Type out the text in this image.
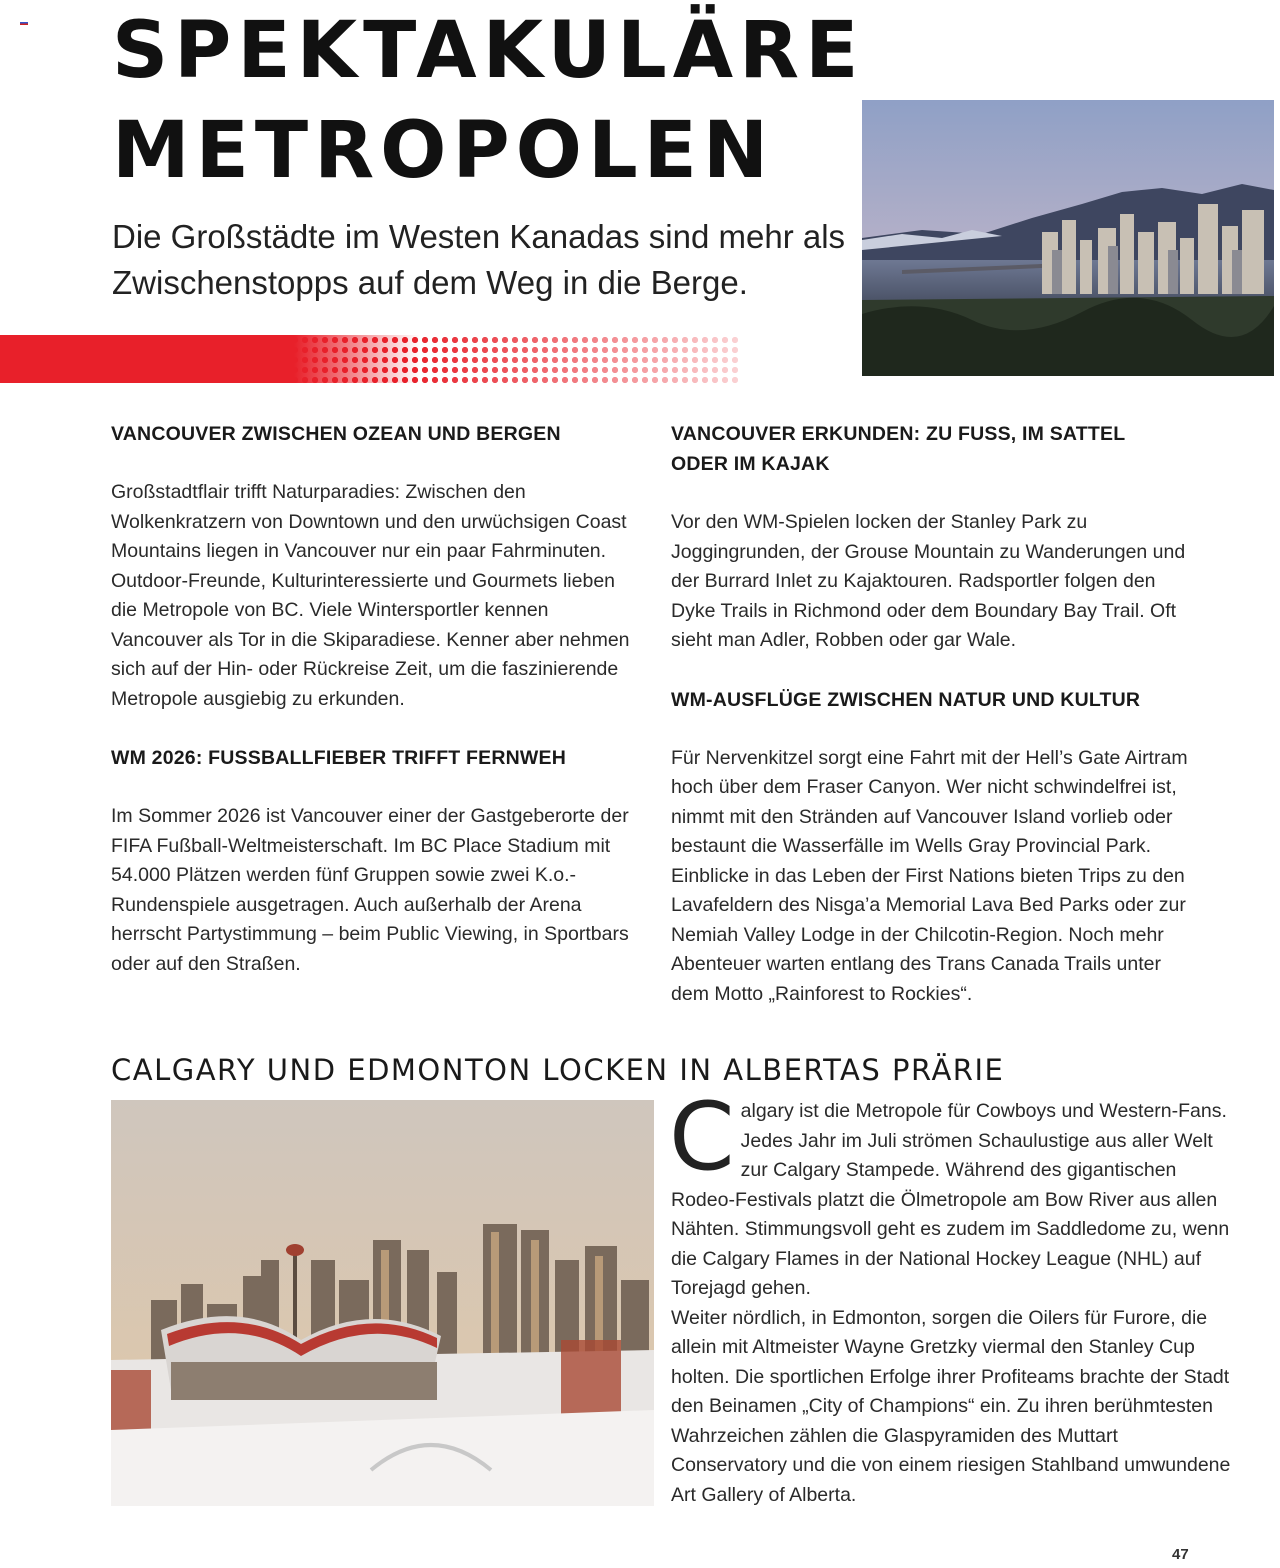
SPEKTAKULÄRE
METROPOLEN

Die Großstädte im Westen Kanadas sind mehr als Zwischenstopps auf dem Weg in die Berge.

VANCOUVER ZWISCHEN OZEAN UND BERGEN

Großstadtflair trifft Naturparadies: Zwischen den Wolkenkratzern von Downtown und den urwüchsigen Coast Mountains liegen in Vancouver nur ein paar Fahrminuten. Outdoor-Freunde, Kulturinteressierte und Gourmets lieben die Metropole von BC. Viele Wintersportler kennen Vancouver als Tor in die Skiparadiese. Kenner aber nehmen sich auf der Hin- oder Rückreise Zeit, um die faszinierende Metropole ausgiebig zu erkunden.

WM 2026: FUSSBALLFIEBER TRIFFT FERNWEH

Im Sommer 2026 ist Vancouver einer der Gastgeberorte der FIFA Fußball-Weltmeisterschaft. Im BC Place Stadium mit 54.000 Plätzen werden fünf Gruppen sowie zwei K.o.-Rundenspiele ausgetragen. Auch außerhalb der Arena herrscht Partystimmung – beim Public Viewing, in Sportbars oder auf den Straßen.

VANCOUVER ERKUNDEN: ZU FUSS, IM SATTEL ODER IM KAJAK

Vor den WM-Spielen locken der Stanley Park zu Joggingrunden, der Grouse Mountain zu Wanderungen und der Burrard Inlet zu Kajaktouren. Radsportler folgen den Dyke Trails in Richmond oder dem Boundary Bay Trail. Oft sieht man Adler, Robben oder gar Wale.

WM-AUSFLÜGE ZWISCHEN NATUR UND KULTUR

Für Nervenkitzel sorgt eine Fahrt mit der Hell’s Gate Airtram hoch über dem Fraser Canyon. Wer nicht schwindelfrei ist, nimmt mit den Stränden auf Vancouver Island vorlieb oder bestaunt die Wasserfälle im Wells Gray Provincial Park. Einblicke in das Leben der First Nations bieten Trips zu den Lavafeldern des Nisga’a Memorial Lava Bed Parks oder zur Nemiah Valley Lodge in der Chilcotin-Region. Noch mehr Abenteuer warten entlang des Trans Canada Trails unter dem Motto „Rainforest to Rockies“.

CALGARY UND EDMONTON LOCKEN IN ALBERTAS PRÄRIE
C algary ist die Metropole für Cowboys und Western-Fans. Jedes Jahr im Juli strömen Schaulustige aus aller Welt zur Calgary Stampede. Während des gigantischen Rodeo-Festivals platzt die Ölmetropole am Bow River aus allen Nähten. Stimmungsvoll geht es zudem im Saddledome zu, wenn die Calgary Flames in der National Hockey League (NHL) auf Torejagd gehen.
Weiter nördlich, in Edmonton, sorgen die Oilers für Furore, die allein mit Altmeister Wayne Gretzky viermal den Stanley Cup holten. Die sportlichen Erfolge ihrer Profiteams brachte der Stadt den Beinamen „City of Champions“ ein. Zu ihren berühmtesten Wahrzeichen zählen die Glaspyramiden des Muttart Conservatory und die von einem riesigen Stahlband umwundene Art Gallery of Alberta.
47
